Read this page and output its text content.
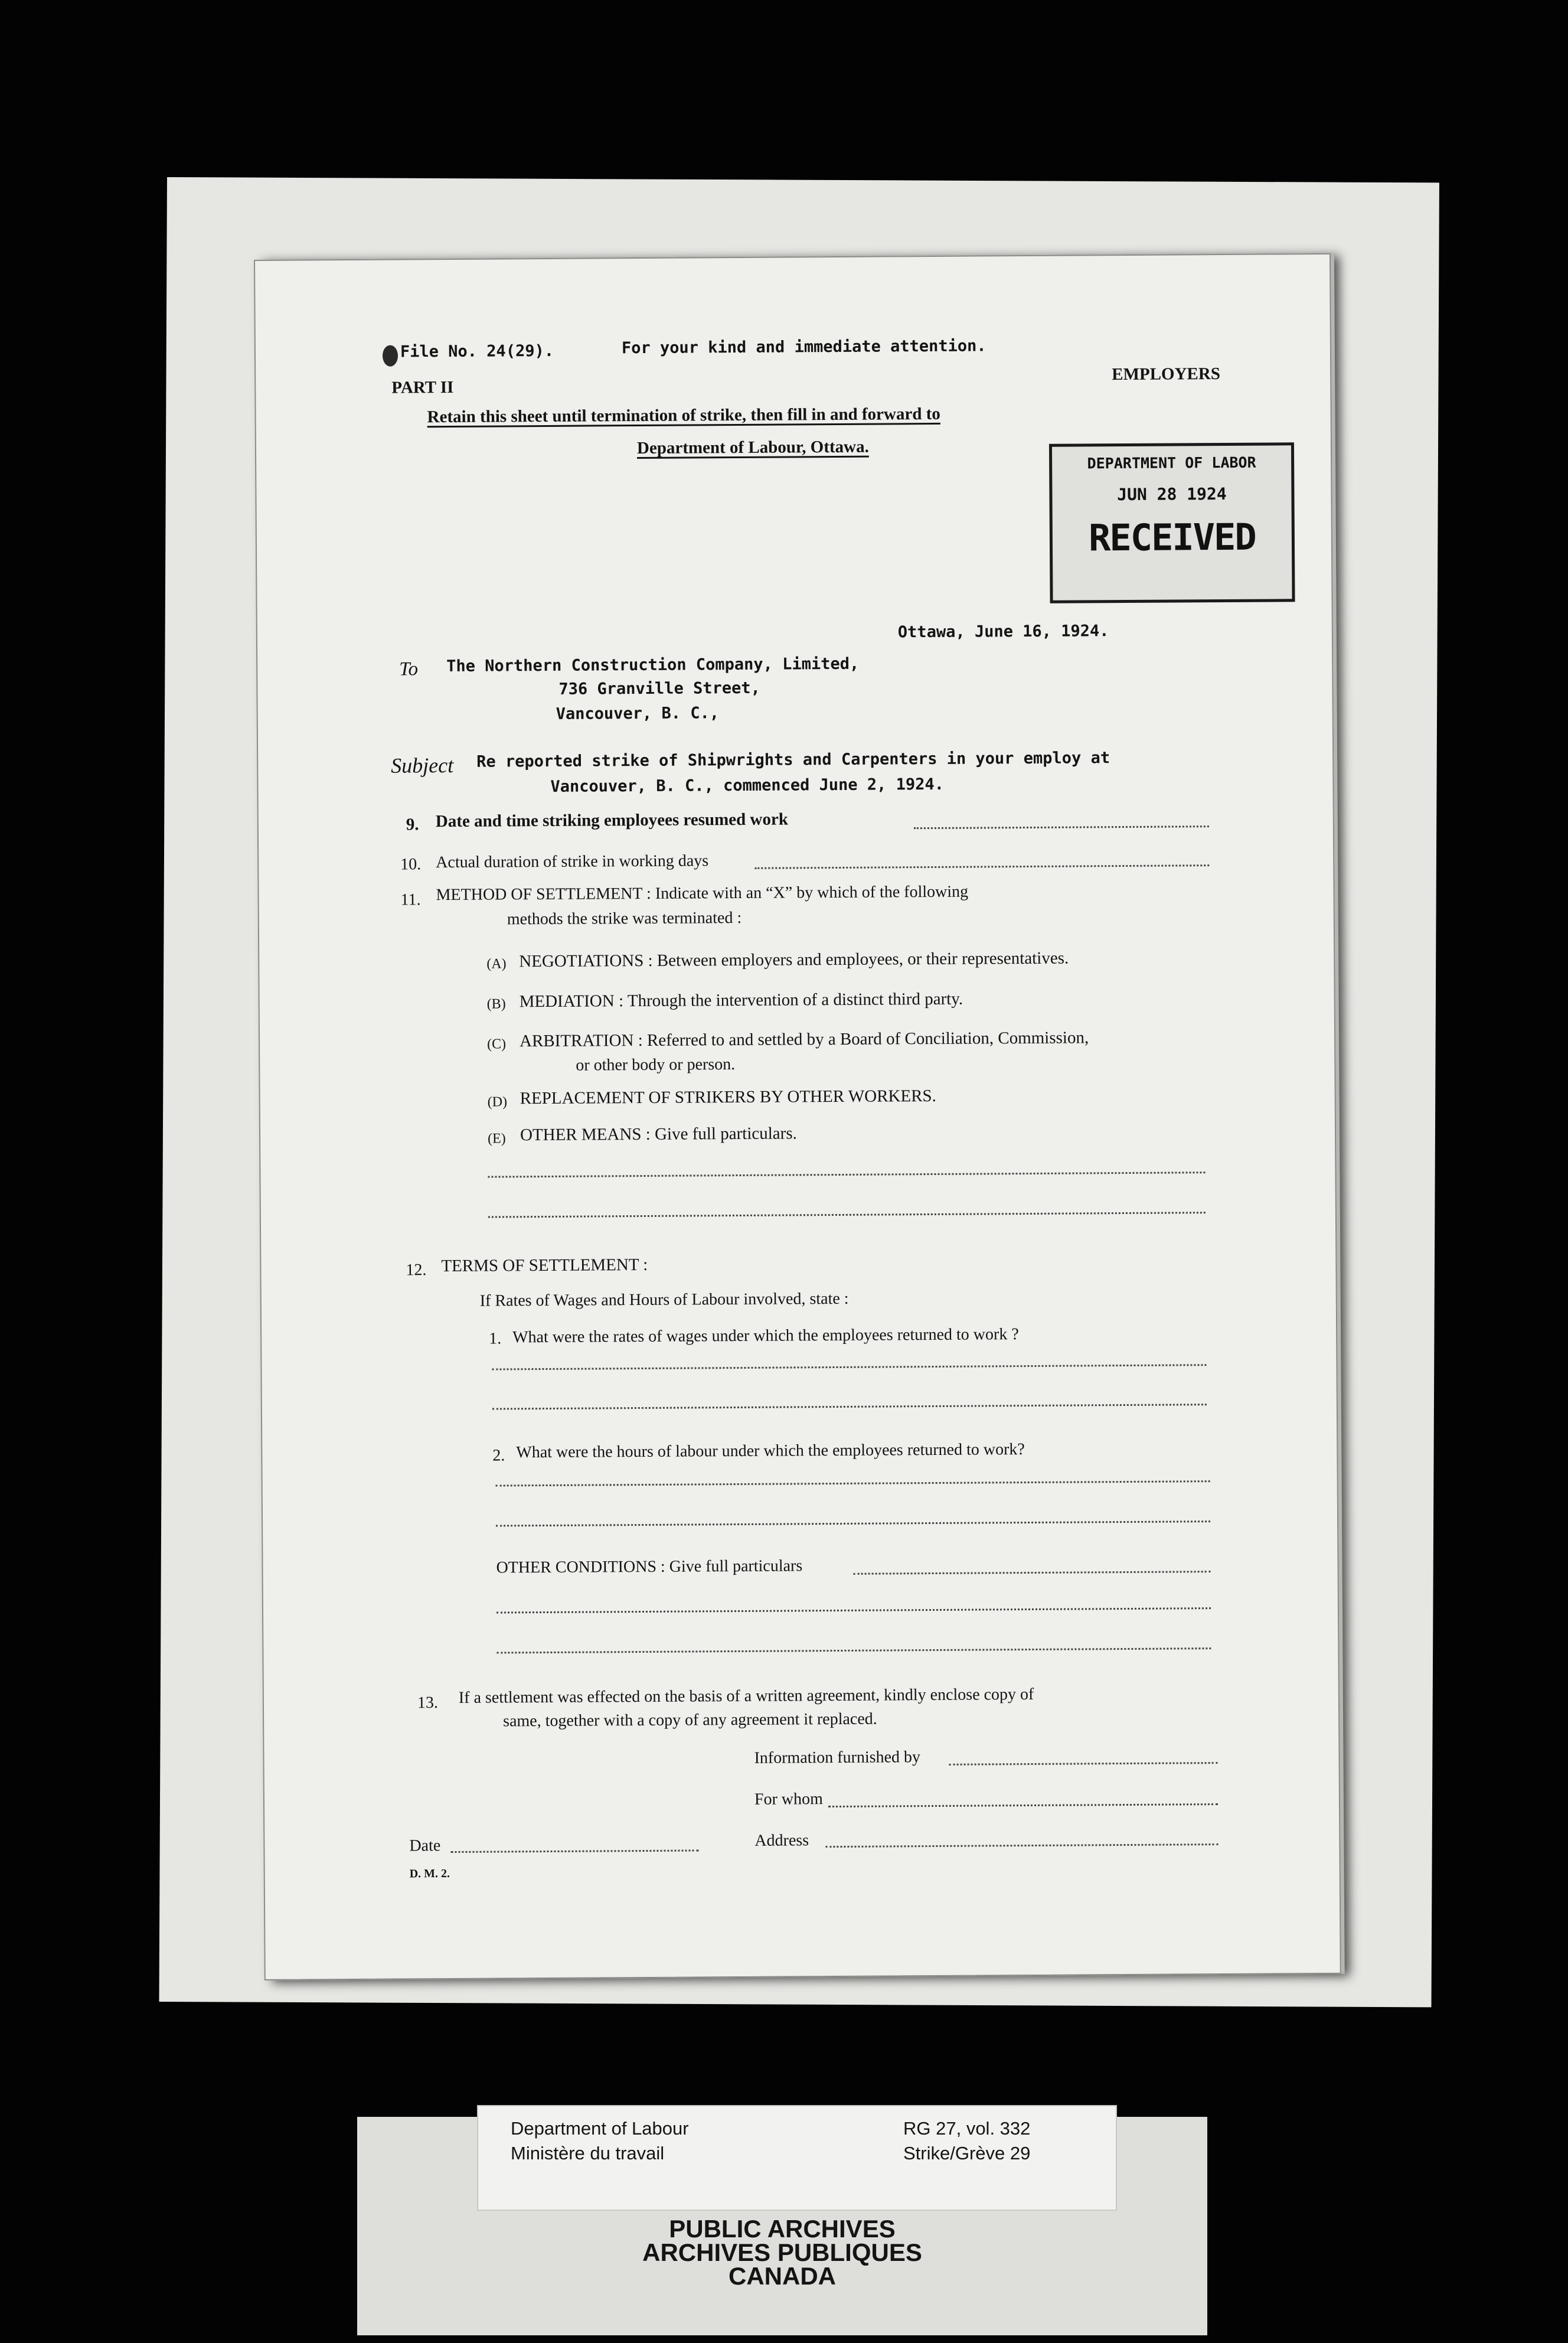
File No. 24(29).	For your kind and immediate attention.
PART II
EMPLOYERS
Retain this sheet until termination of strike, then fill in and forward to
Department of Labour, Ottawa.
DEPARTMENT OF LABOR
JUN 28 1924
RECEIVED
Ottawa, June 16, 1924.
To The Northern Construction Company, Limited,
736 Granville Street,
Vancouver, B. C.,
Subject Re reported strike of Shipwrights and Carpenters in your employ at
Vancouver, B. C., commenced June 2, 1924.
9. Date and time striking employees resumed work
10. Actual duration of strike in working days
11. METHOD OF SETTLEMENT : Indicate with an “X” by which of the following
methods the strike was terminated :
(A) NEGOTIATIONS : Between employers and employees, or their representatives.
(B) MEDIATION : Through the intervention of a distinct third party.
(C) ARBITRATION : Referred to and settled by a Board of Conciliation, Commission,
or other body or person.
(D) REPLACEMENT OF STRIKERS BY OTHER WORKERS.
(E) OTHER MEANS : Give full particulars.
12. TERMS OF SETTLEMENT :
If Rates of Wages and Hours of Labour involved, state :
1. What were the rates of wages under which the employees returned to work ?
2. What were the hours of labour under which the employees returned to work?
OTHER CONDITIONS : Give full particulars
13. If a settlement was effected on the basis of a written agreement, kindly enclose copy of
same, together with a copy of any agreement it replaced.
Information furnished by
For whom
Date	Address
D. M. 2.
Department of Labour
Ministère du travail
RG 27, vol. 332
Strike/Grève 29
PUBLIC ARCHIVES
ARCHIVES PUBLIQUES
CANADA
